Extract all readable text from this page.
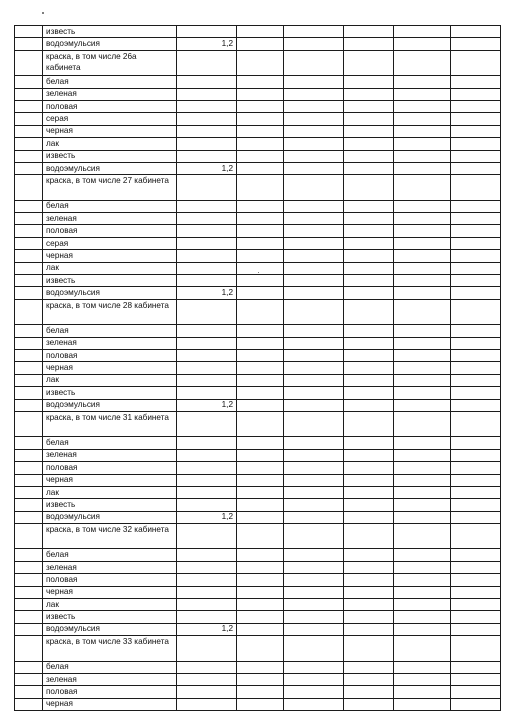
	известь						
	водоэмульсия	1,2					
	краска, в том числе 26а кабинета						
	белая						
	зеленая						
	половая						
	серая						
	черная						
	лак						
	известь						
	водоэмульсия	1,2					
	краска, в том числе 27 кабинета						
	белая						
	зеленая						
	половая						
	серая						
	черная						
	лак						
	известь						
	водоэмульсия	1,2					
	краска, в том числе 28 кабинета						
	белая						
	зеленая						
	половая						
	черная						
	лак						
	известь						
	водоэмульсия	1,2					
	краска, в том числе 31 кабинета						
	белая						
	зеленая						
	половая						
	черная						
	лак						
	известь						
	водоэмульсия	1,2					
	краска, в том числе 32 кабинета						
	белая						
	зеленая						
	половая						
	черная						
	лак						
	известь						
	водоэмульсия	1,2					
	краска, в том числе 33 кабинета						
	белая						
	зеленая						
	половая						
	черная						
